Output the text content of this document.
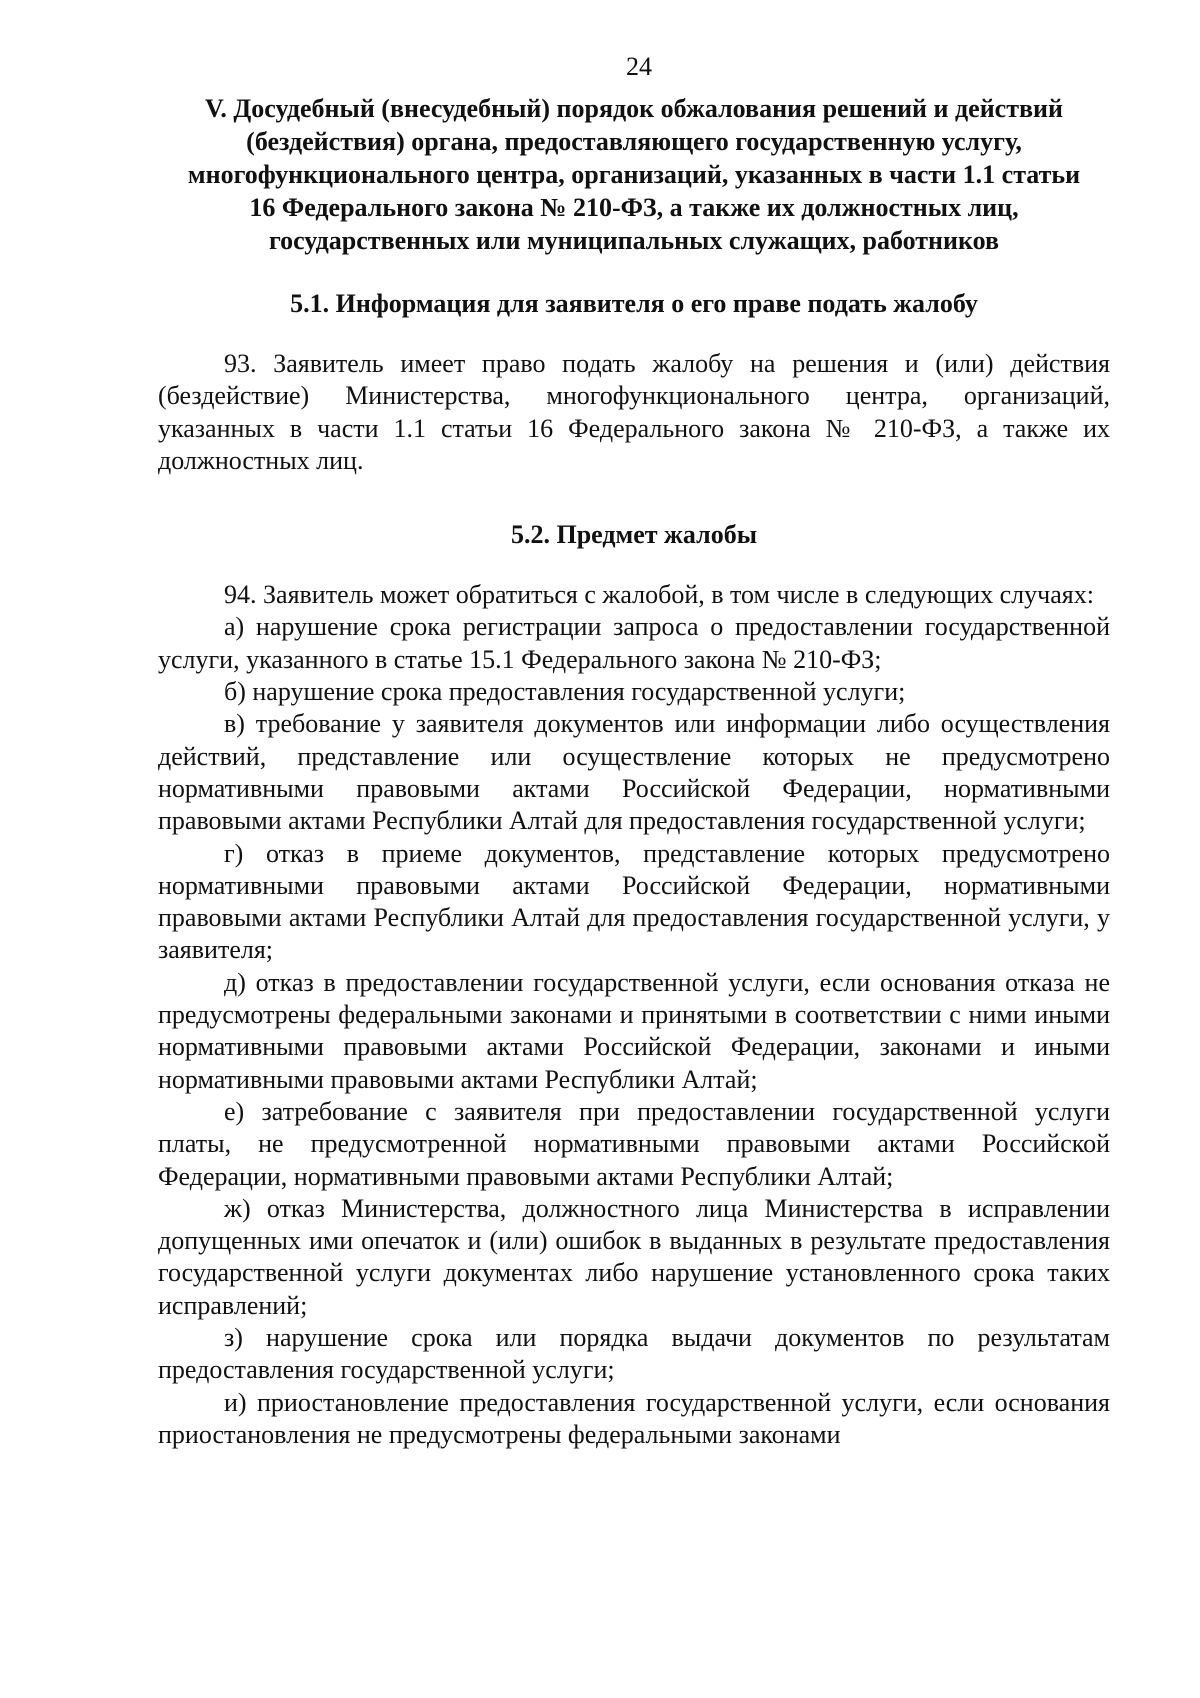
24
V. Досудебный (внесудебный) порядок обжалования решений и действий
(бездействия) органа, предоставляющего государственную услугу,
многофункционального центра, организаций, указанных в части 1.1 статьи
16 Федерального закона № 210-ФЗ, а также их должностных лиц,
государственных или муниципальных служащих, работников
5.1. Информация для заявителя о его праве подать жалобу

93. Заявитель имеет право подать жалобу на решения и (или) действия (бездействие) Министерства, многофункционального центра, организаций, указанных в части 1.1 статьи 16 Федерального закона № 210-ФЗ, а также их должностных лиц.

5.2. Предмет жалобы

94. Заявитель может обратиться с жалобой, в том числе в следующих случаях:

а) нарушение срока регистрации запроса о предоставлении государственной услуги, указанного в статье 15.1 Федерального закона № 210-ФЗ;

б) нарушение срока предоставления государственной услуги;

в) требование у заявителя документов или информации либо осуществления действий, представление или осуществление которых не предусмотрено нормативными правовыми актами Российской Федерации, нормативными правовыми актами Республики Алтай для предоставления государственной услуги;

г) отказ в приеме документов, представление которых предусмотрено нормативными правовыми актами Российской Федерации, нормативными правовыми актами Республики Алтай для предоставления государственной услуги, у заявителя;

д) отказ в предоставлении государственной услуги, если основания отказа не предусмотрены федеральными законами и принятыми в соответствии с ними иными нормативными правовыми актами Российской Федерации, законами и иными нормативными правовыми актами Республики Алтай;

е) затребование с заявителя при предоставлении государственной услуги платы, не предусмотренной нормативными правовыми актами Российской Федерации, нормативными правовыми актами Республики Алтай;

ж) отказ Министерства, должностного лица Министерства в исправлении допущенных ими опечаток и (или) ошибок в выданных в результате предоставления государственной услуги документах либо нарушение установленного срока таких исправлений;

з) нарушение срока или порядка выдачи документов по результатам предоставления государственной услуги;

и) приостановление предоставления государственной услуги, если основания приостановления не предусмотрены федеральными законами
